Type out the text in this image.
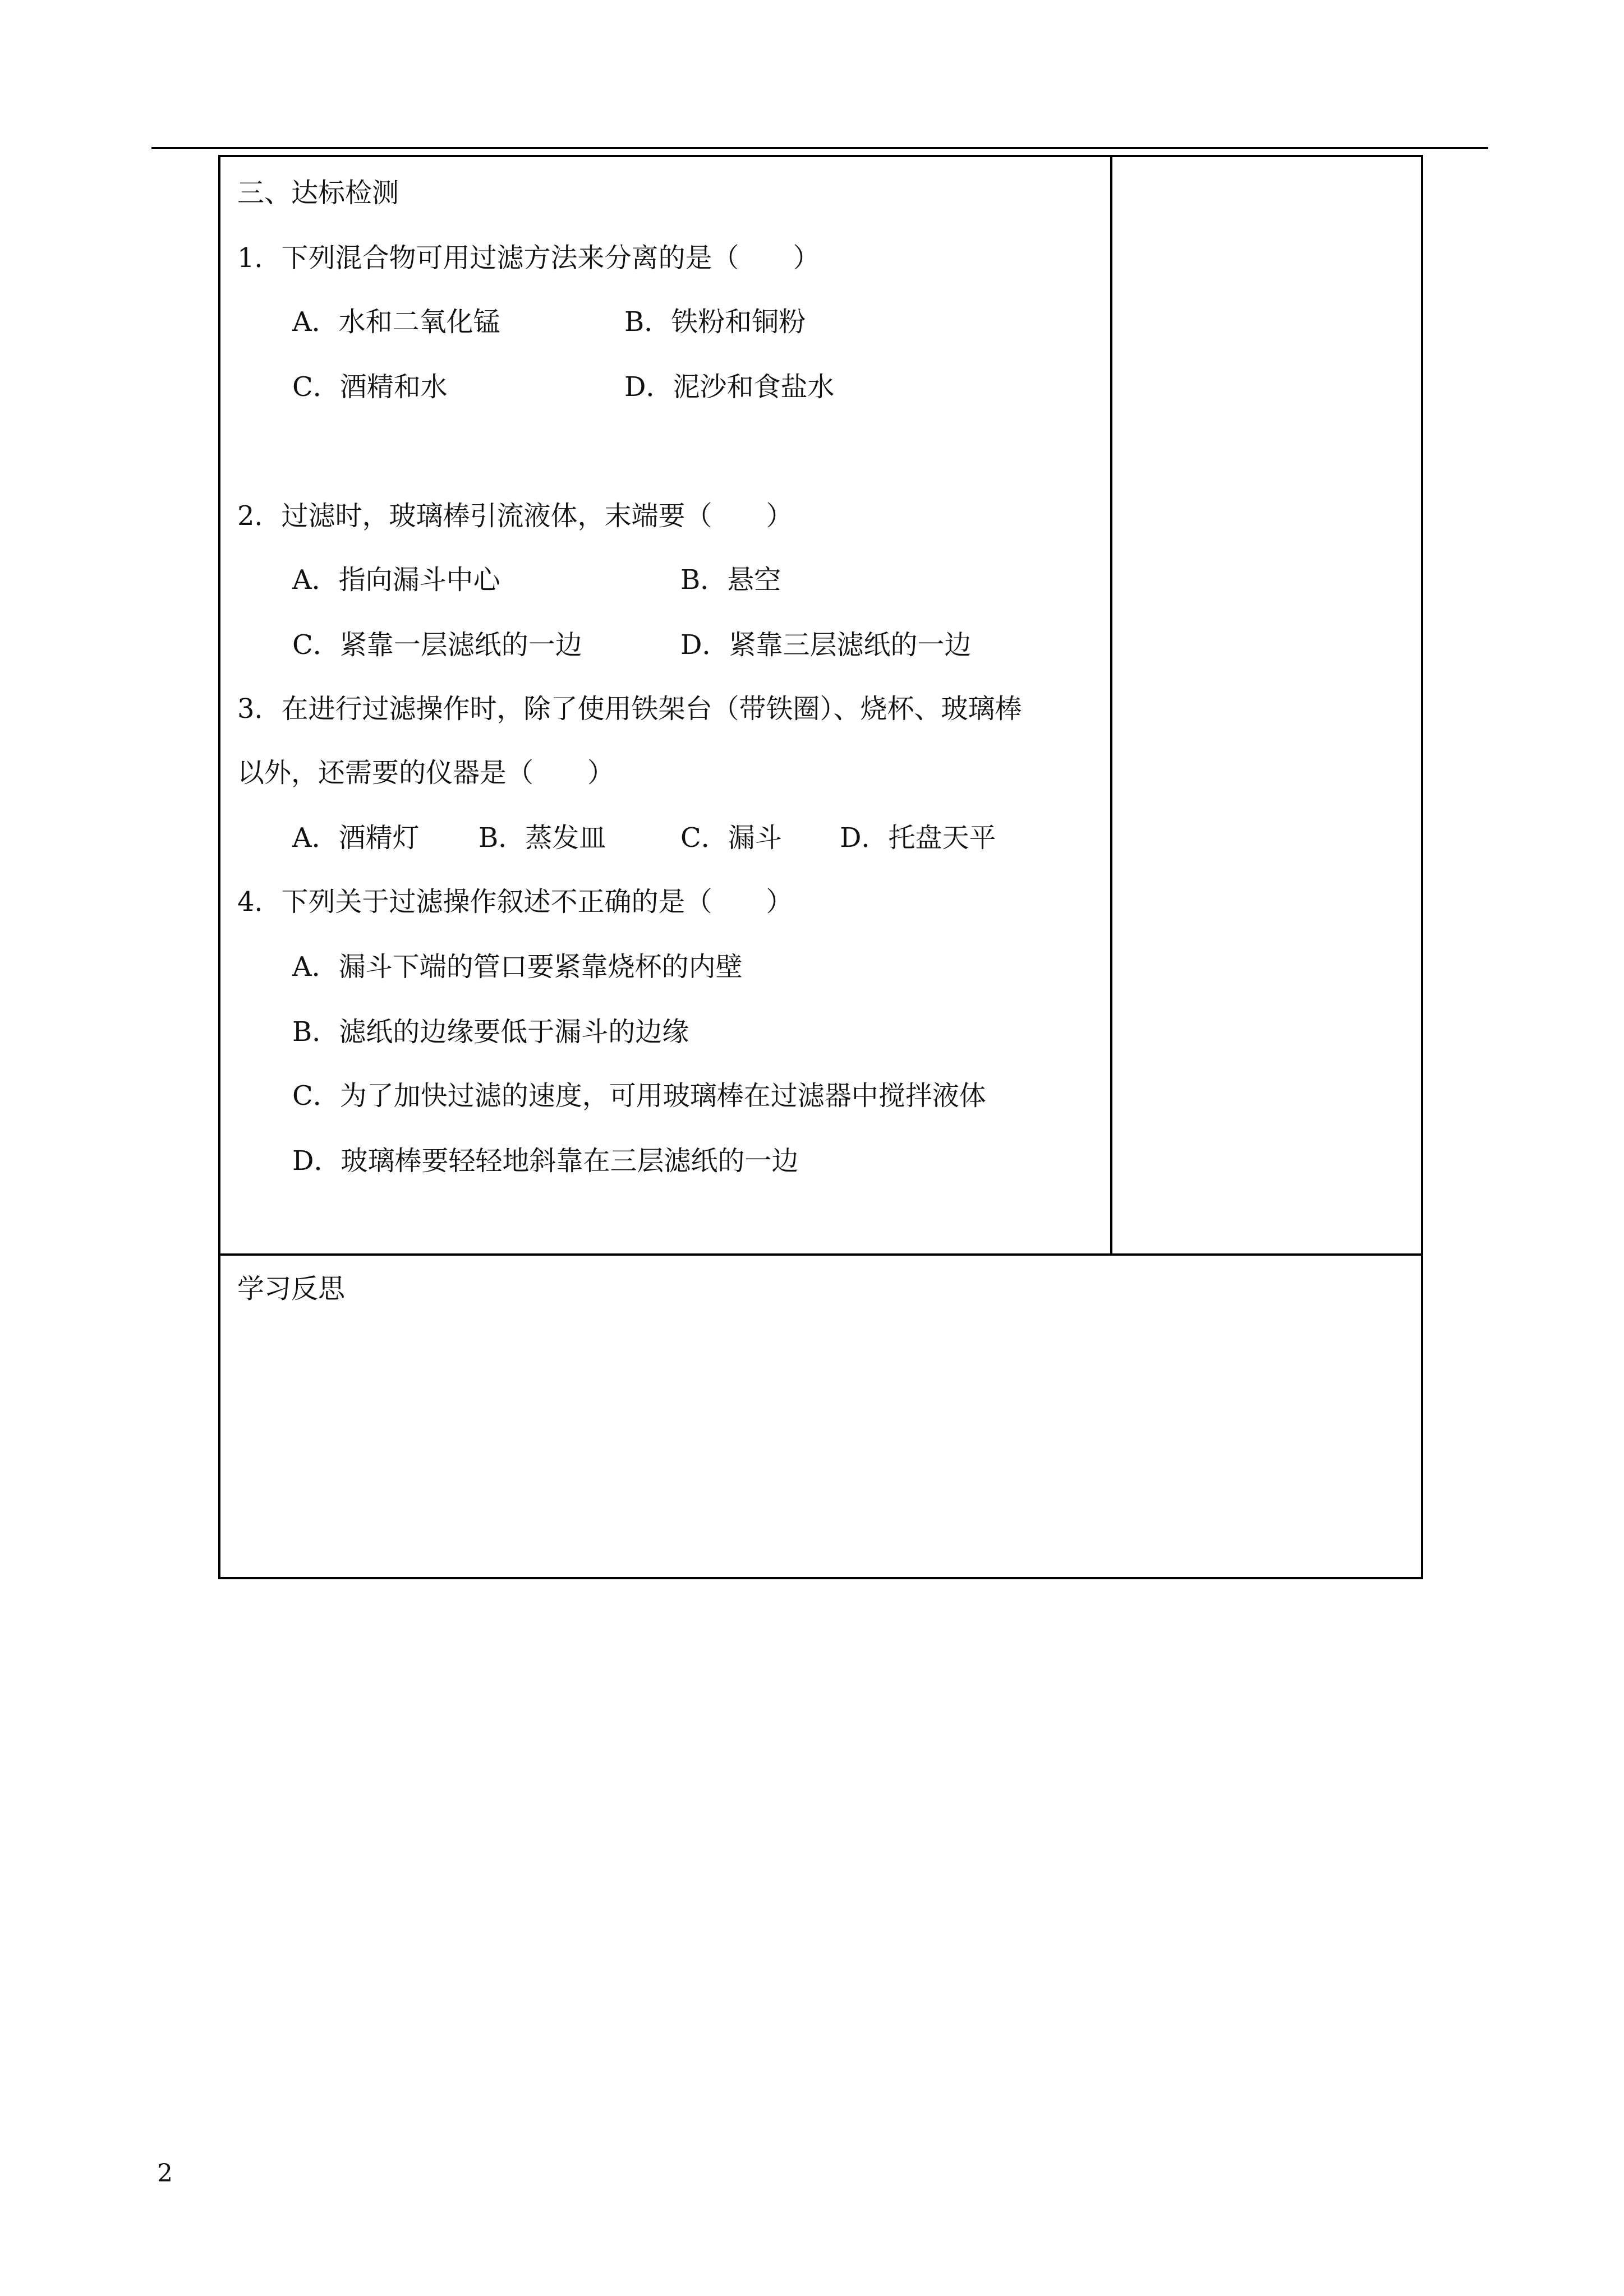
三、达标检测
1．下列混合物可用过滤方法来分离的是（　　）
A．水和二氧化锰	B．铁粉和铜粉
C．酒精和水	D．泥沙和食盐水
2．过滤时，玻璃棒引流液体，末端要（　　）
A．指向漏斗中心	B．悬空
C．紧靠一层滤纸的一边	D．紧靠三层滤纸的一边
3．在进行过滤操作时，除了使用铁架台（带铁圈）、烧杯、玻璃棒
以外，还需要的仪器是（　　）
A．酒精灯 B．蒸发皿	C．漏斗 D．托盘天平
4．下列关于过滤操作叙述不正确的是（　　）
A．漏斗下端的管口要紧靠烧杯的内壁
B．滤纸的边缘要低于漏斗的边缘
C．为了加快过滤的速度，可用玻璃棒在过滤器中搅拌液体
D．玻璃棒要轻轻地斜靠在三层滤纸的一边
学习反思
2
